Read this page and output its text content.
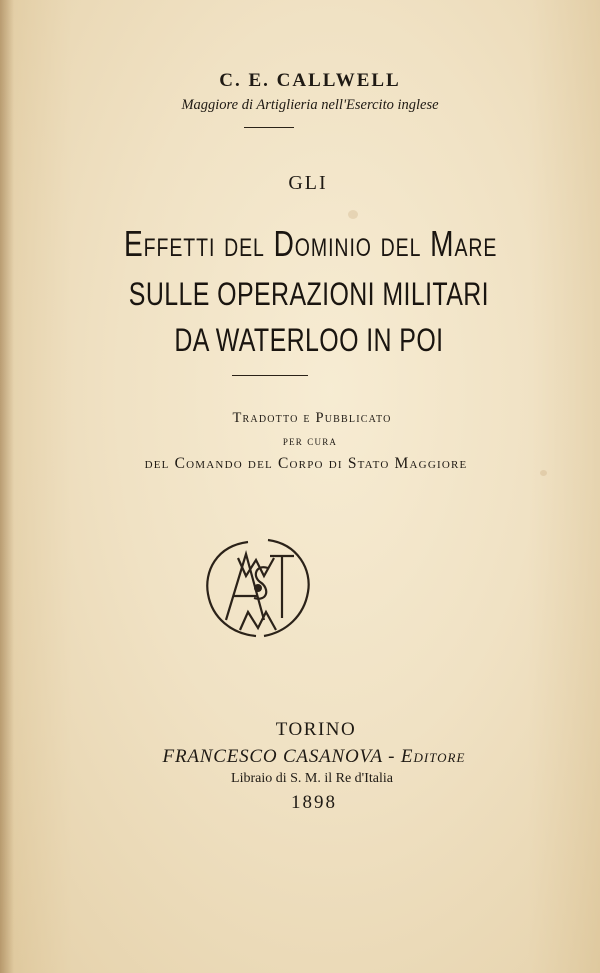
C. E. CALLWELL
Maggiore di Artiglieria nell'Esercito inglese
GLI
Effetti del Dominio del Mare
SULLE OPERAZIONI MILITARI
DA WATERLOO IN POI
Tradotto e Pubblicato
per cura
del Comando del Corpo di Stato Maggiore
TORINO
FRANCESCO CASANOVA - Editore
Libraio di S. M. il Re d'Italia
1898
